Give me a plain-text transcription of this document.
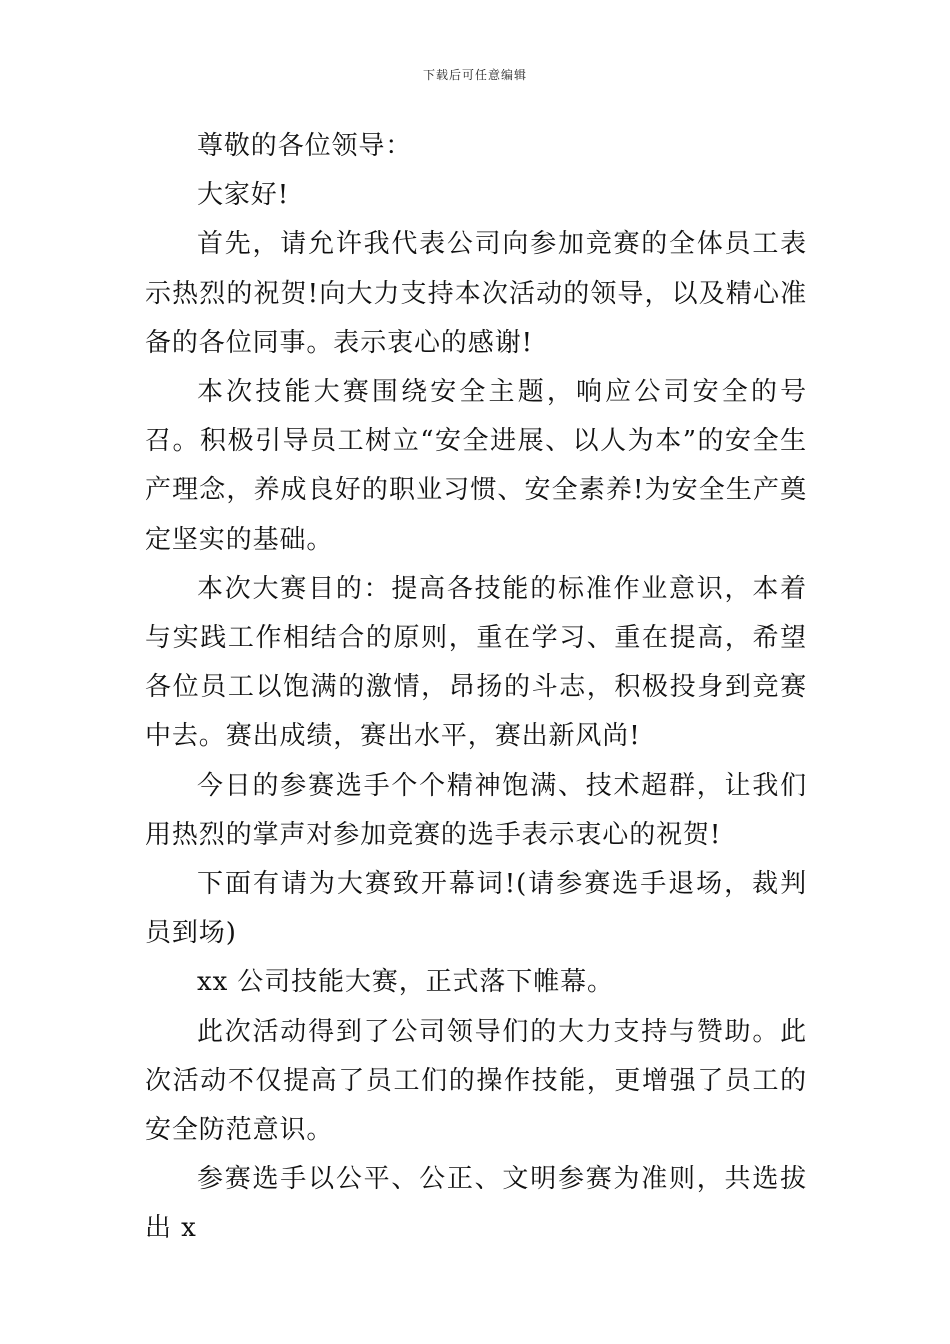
下载后可任意编辑

尊敬的各位领导：

大家好!

首先，请允许我代表公司向参加竞赛的全体员工表示热烈的祝贺!向大力支持本次活动的领导，以及精心准备的各位同事。表示衷心的感谢!

本次技能大赛围绕安全主题，响应公司安全的号召。积极引导员工树立“安全进展、以人为本”的安全生产理念，养成良好的职业习惯、安全素养!为安全生产奠定坚实的基础。

本次大赛目的：提高各技能的标准作业意识，本着与实践工作相结合的原则，重在学习、重在提高，希望各位员工以饱满的激情，昂扬的斗志，积极投身到竞赛中去。赛出成绩，赛出水平，赛出新风尚!

今日的参赛选手个个精神饱满、技术超群，让我们用热烈的掌声对参加竞赛的选手表示衷心的祝贺!

下面有请为大赛致开幕词!(请参赛选手退场，裁判员到场)

xx 公司技能大赛，正式落下帷幕。

此次活动得到了公司领导们的大力支持与赞助。此次活动不仅提高了员工们的操作技能，更增强了员工的安全防范意识。

参赛选手以公平、公正、文明参赛为准则，共选拔出 x
